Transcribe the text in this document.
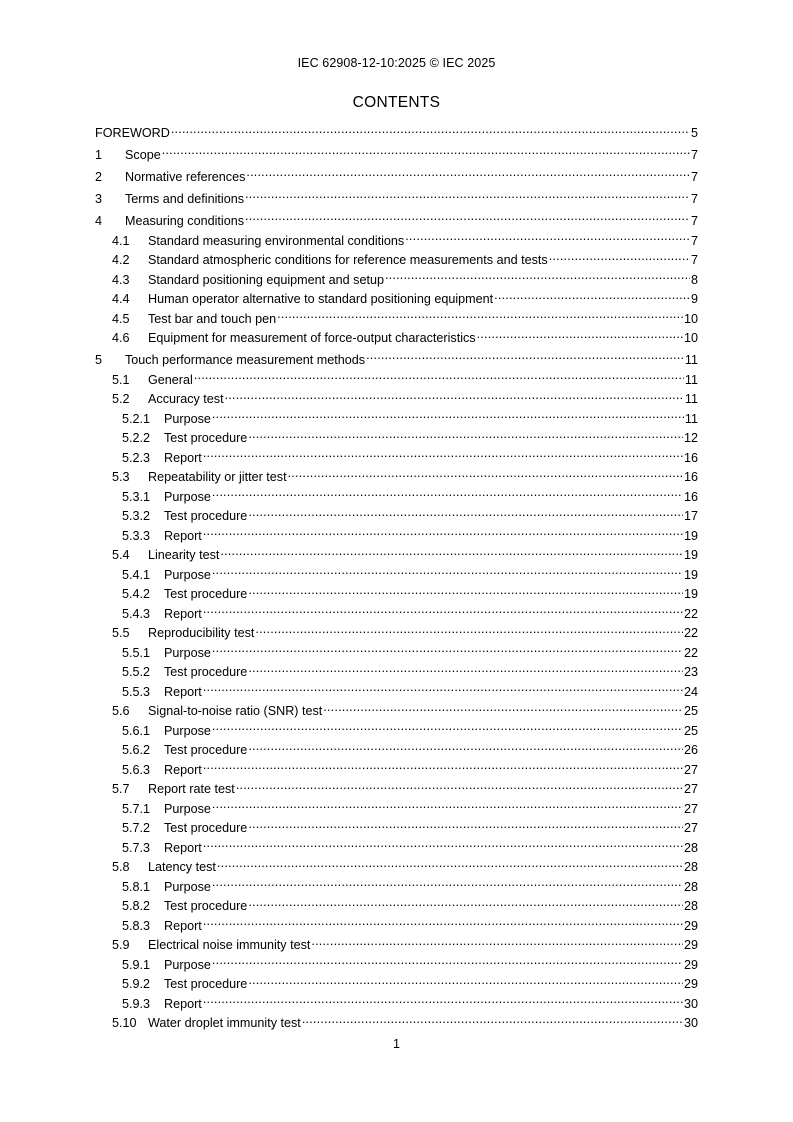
IEC 62908-12-10:2025 © IEC 2025
CONTENTS
FOREWORD .....	5
1	Scope .....	7
2	Normative references .....	7
3	Terms and definitions .....	7
4	Measuring conditions .....	7
4.1	Standard measuring environmental conditions .....	7
4.2	Standard atmospheric conditions for reference measurements and tests .....	7
4.3	Standard positioning equipment and setup .....	8
4.4	Human operator alternative to standard positioning equipment .....	9
4.5	Test bar and touch pen .....	10
4.6	Equipment for measurement of force-output characteristics .....	10
5	Touch performance measurement methods .....	11
5.1	General .....	11
5.2	Accuracy test .....	11
5.2.1	Purpose .....	11
5.2.2	Test procedure .....	12
5.2.3	Report .....	16
5.3	Repeatability or jitter test .....	16
5.3.1	Purpose .....	16
5.3.2	Test procedure .....	17
5.3.3	Report .....	19
5.4	Linearity test .....	19
5.4.1	Purpose .....	19
5.4.2	Test procedure .....	19
5.4.3	Report .....	22
5.5	Reproducibility test .....	22
5.5.1	Purpose .....	22
5.5.2	Test procedure .....	23
5.5.3	Report .....	24
5.6	Signal-to-noise ratio (SNR) test .....	25
5.6.1	Purpose .....	25
5.6.2	Test procedure .....	26
5.6.3	Report .....	27
5.7	Report rate test .....	27
5.7.1	Purpose .....	27
5.7.2	Test procedure .....	27
5.7.3	Report .....	28
5.8	Latency test .....	28
5.8.1	Purpose .....	28
5.8.2	Test procedure .....	28
5.8.3	Report .....	29
5.9	Electrical noise immunity test .....	29
5.9.1	Purpose .....	29
5.9.2	Test procedure .....	29
5.9.3	Report .....	30
5.10 Water droplet immunity test .....	30
1
